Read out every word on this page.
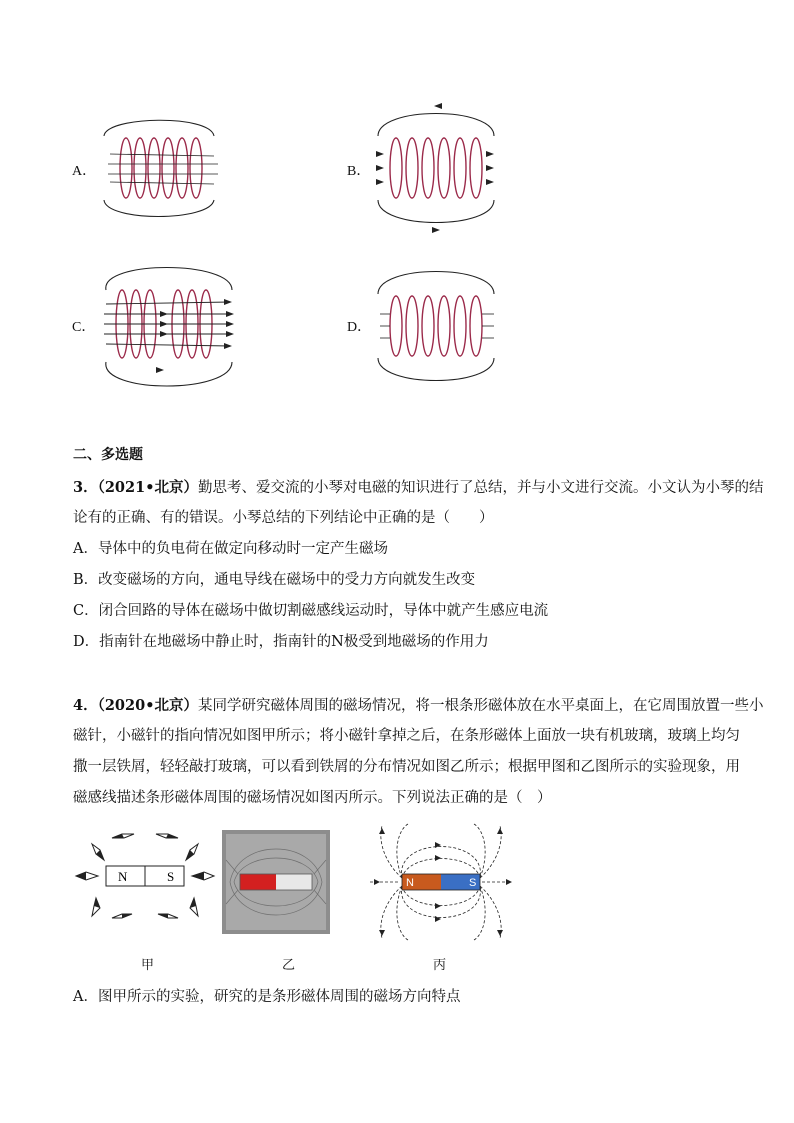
A．	B．
C．	D．
二、多选题
3．（2021•北京）勤思考、爱交流的小琴对电磁的知识进行了总结，并与小文进行交流。小文认为小琴的结
论有的正确、有的错误。小琴总结的下列结论中正确的是（　　）
A．导体中的负电荷在做定向移动时一定产生磁场
B．改变磁场的方向，通电导线在磁场中的受力方向就发生改变
C．闭合回路的导体在磁场中做切割磁感线运动时，导体中就产生感应电流
D．指南针在地磁场中静止时，指南针的N极受到地磁场的作用力
4．（2020•北京）某同学研究磁体周围的磁场情况，将一根条形磁体放在水平桌面上，在它周围放置一些小
磁针，小磁针的指向情况如图甲所示；将小磁针拿掉之后，在条形磁体上面放一块有机玻璃，玻璃上均匀
撒一层铁屑，轻轻敲打玻璃，可以看到铁屑的分布情况如图乙所示；根据甲图和乙图所示的实验现象，用
磁感线描述条形磁体周围的磁场情况如图丙所示。下列说法正确的是（　）
N	S
甲	乙
N	S
丙
A．图甲所示的实验，研究的是条形磁体周围的磁场方向特点
